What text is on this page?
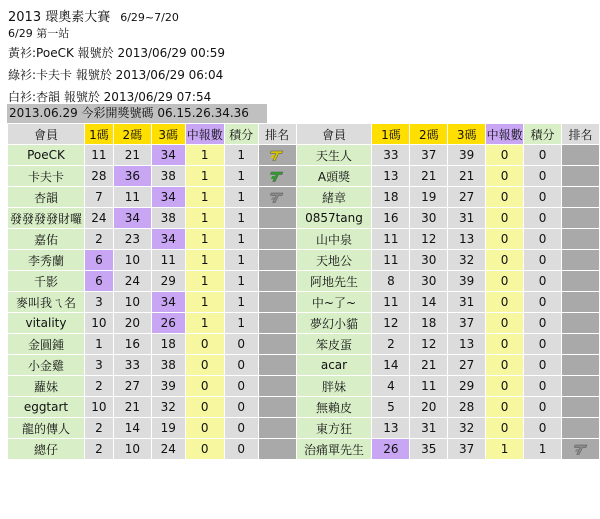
2013 環奧素大賽 6/29~7/20
6/29 第一站
黃衫:PoeCK 報號於 2013/06/29 00:59
綠衫:卡夫卡 報號於 2013/06/29 06:04
白衫:杏韻 報號於 2013/06/29 07:54
2013.06.29 今彩開獎號碼 06.15.26.34.36
會員	1碼	2碼	3碼	中報數	積分	排名	會員	1碼	2碼	3碼	中報數	積分	排名
PoeCK	11	21	34	1	1		天生人	33	37	39	0	0	
卡夫卡	28	36	38	1	1		A頭獎	13	21	21	0	0	
杏韻	7	11	34	1	1		緒章	18	19	27	0	0	
發發發發財囉	24	34	38	1	1		0857tang	16	30	31	0	0	
嘉佑	2	23	34	1	1		山中泉	11	12	13	0	0	
李秀蘭	6	10	11	1	1		天地公	11	30	32	0	0	
千影	6	24	29	1	1		阿地先生	8	30	39	0	0	
麥叫我ㄟ名	3	10	34	1	1		中~了~	11	14	31	0	0	
vitality	10	20	26	1	1		夢幻小貓	12	18	37	0	0	
金圓鍾	1	16	18	0	0		笨皮蛋	2	12	13	0	0	
小金雞	3	33	38	0	0		acar	14	21	27	0	0	
蘿妹	2	27	39	0	0		胖妹	4	11	29	0	0	
eggtart	10	21	32	0	0		無賴皮	5	20	28	0	0	
龍的傳人	2	14	19	0	0		東方狂	13	31	32	0	0	
總仔	2	10	24	0	0		治痛單先生	26	35	37	1	1	
